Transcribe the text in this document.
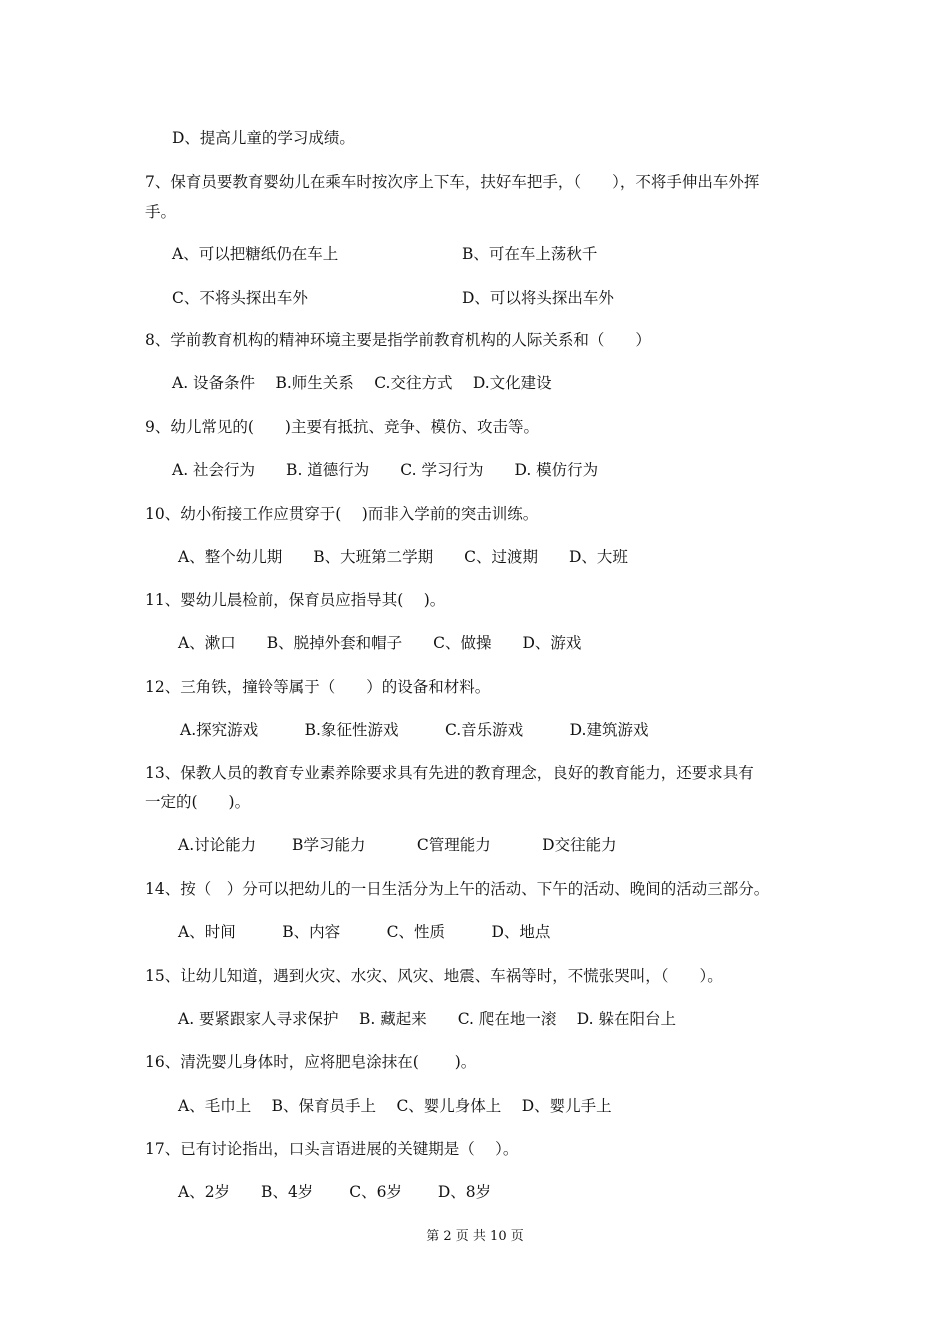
D、提高儿童的学习成绩。
7、保育员要教育婴幼儿在乘车时按次序上下车，扶好车把手，（　　），不将手伸出车外挥
手。
A、可以把糖纸仍在车上	B、可在车上荡秋千
C、不将头探出车外	D、可以将头探出车外
8、学前教育机构的精神环境主要是指学前教育机构的人际关系和（　　）
A. 设备条件　 B.师生关系　 C.交往方式　 D.文化建设
9、幼儿常见的(　　)主要有抵抗、竞争、模仿、攻击等。
A. 社会行为　　B. 道德行为　　C. 学习行为　　D. 模仿行为
10、幼小衔接工作应贯穿于(　 )而非入学前的突击训练。
A、整个幼儿期　　B、大班第二学期　　C、过渡期　　D、大班
11、婴幼儿晨检前，保育员应指导其(　 )。
A、漱口　　B、脱掉外套和帽子　　C、做操　　D、游戏
12、三角铁，撞铃等属于（　　）的设备和材料。
A.探究游戏　　　B.象征性游戏　　　C.音乐游戏　　　D.建筑游戏
13、保教人员的教育专业素养除要求具有先进的教育理念，良好的教育能力，还要求具有
一定的(　　)。
A.讨论能力　　 B学习能力　　　 C管理能力　　　 D交往能力
14、按（　）分可以把幼儿的一日生活分为上午的活动、下午的活动、晚间的活动三部分。
A、时间　　　B、内容　　　C、性质　　　D、地点
15、让幼儿知道，遇到火灾、水灾、风灾、地震、车祸等时，不慌张哭叫，（　　）。
A. 要紧跟家人寻求保护　 B. 藏起来　　C. 爬在地一滚　 D. 躲在阳台上
16、清洗婴儿身体时，应将肥皂涂抹在(　　 )。
A、毛巾上　 B、保育员手上　 C、婴儿身体上　 D、婴儿手上
17、已有讨论指出，口头言语进展的关键期是（　 ）。
A、2岁　　B、4岁　　 C、6岁　　 D、8岁
第 2 页 共 10 页
